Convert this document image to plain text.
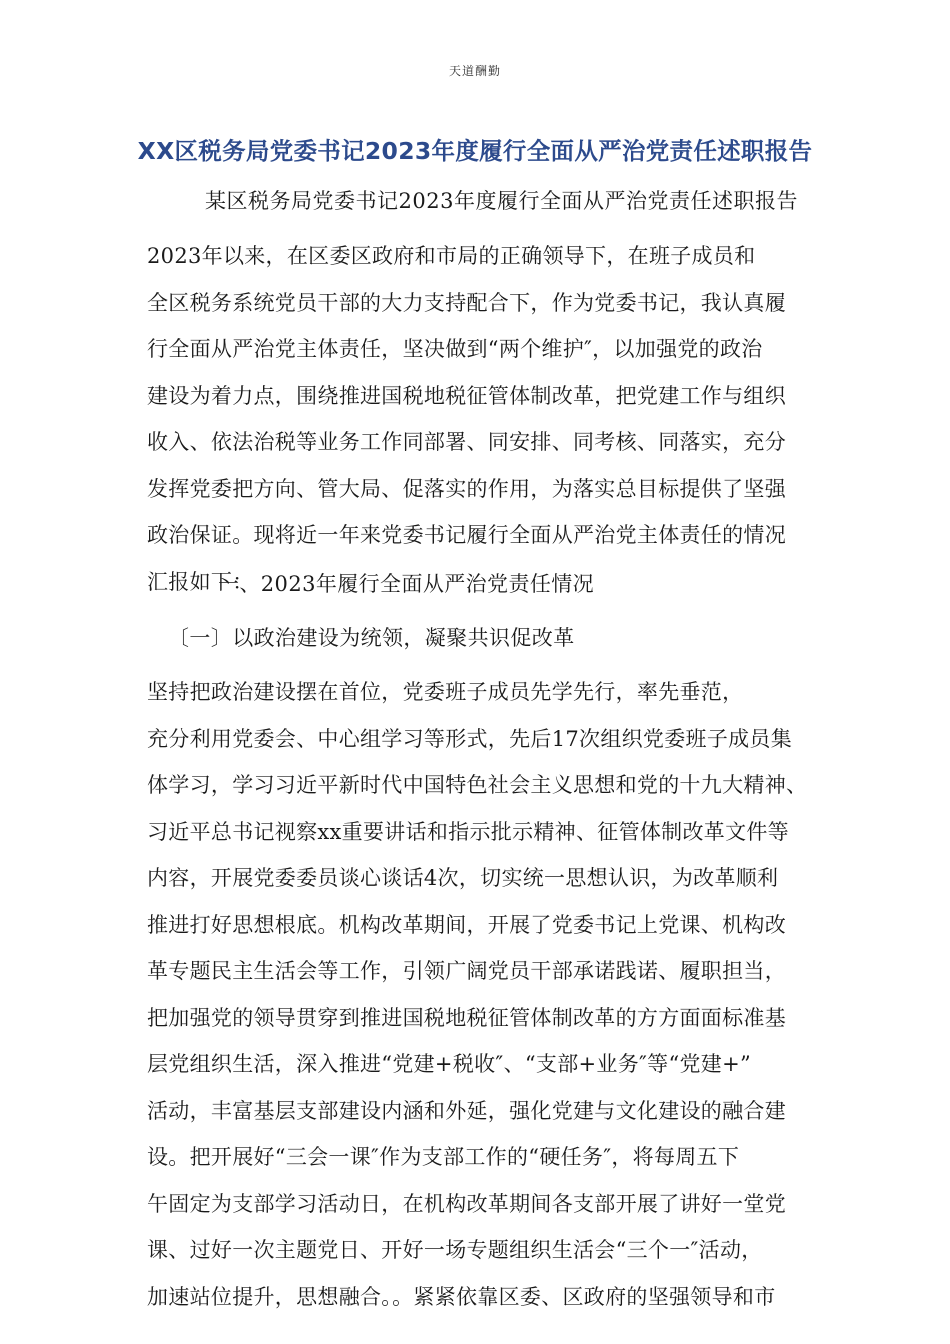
天道酬勤
XX区税务局党委书记2023年度履行全面从严治党责任述职报告
某区税务局党委书记2023年度履行全面从严治党责任述职报告
2023年以来，在区委区政府和市局的正确领导下，在班子成员和
全区税务系统党员干部的大力支持配合下，作为党委书记，我认真履
行全面从严治党主体责任，坚决做到“两个维护″，以加强党的政治
建设为着力点，围绕推进国税地税征管体制改革，把党建工作与组织
收入、依法治税等业务工作同部署、同安排、同考核、同落实，充分
发挥党委把方向、管大局、促落实的作用，为落实总目标提供了坚强
一、2023年履行全面从严治党责任情况
〔一〕以政治建设为统领，凝聚共识促改革
坚持把政治建设摆在首位，党委班子成员先学先行，率先垂范，
充分利用党委会、中心组学习等形式，先后17次组织党委班子成员集
体学习，学习习近平新时代中国特色社会主义思想和党的十九大精神、
习近平总书记视察xx重要讲话和指示批示精神、征管体制改革文件等
内容，开展党委委员谈心谈话4次，切实统一思想认识，为改革顺利
推进打好思想根底。机构改革期间，开展了党委书记上党课、机构改
革专题民主生活会等工作，引领广阔党员干部承诺践诺、履职担当，
把加强党的领导贯穿到推进国税地税征管体制改革的方方面面标准基
层党组织生活，深入推进“党建+税收″、“支部+业务″等“党建+”
活动，丰富基层支部建设内涵和外延，强化党建与文化建设的融合建
设。把开展好“三会一课″作为支部工作的“硬任务″，将每周五下
午固定为支部学习活动日，在机构改革期间各支部开展了讲好一堂党
课、过好一次主题党日、开好一场专题组织生活会“三个一″活动，
加速站位提升，思想融合。。紧紧依靠区委、区政府的坚强领导和市
政治保证。现将近一年来党委书记履行全面从严治党主体责任的情况
汇报如下：
